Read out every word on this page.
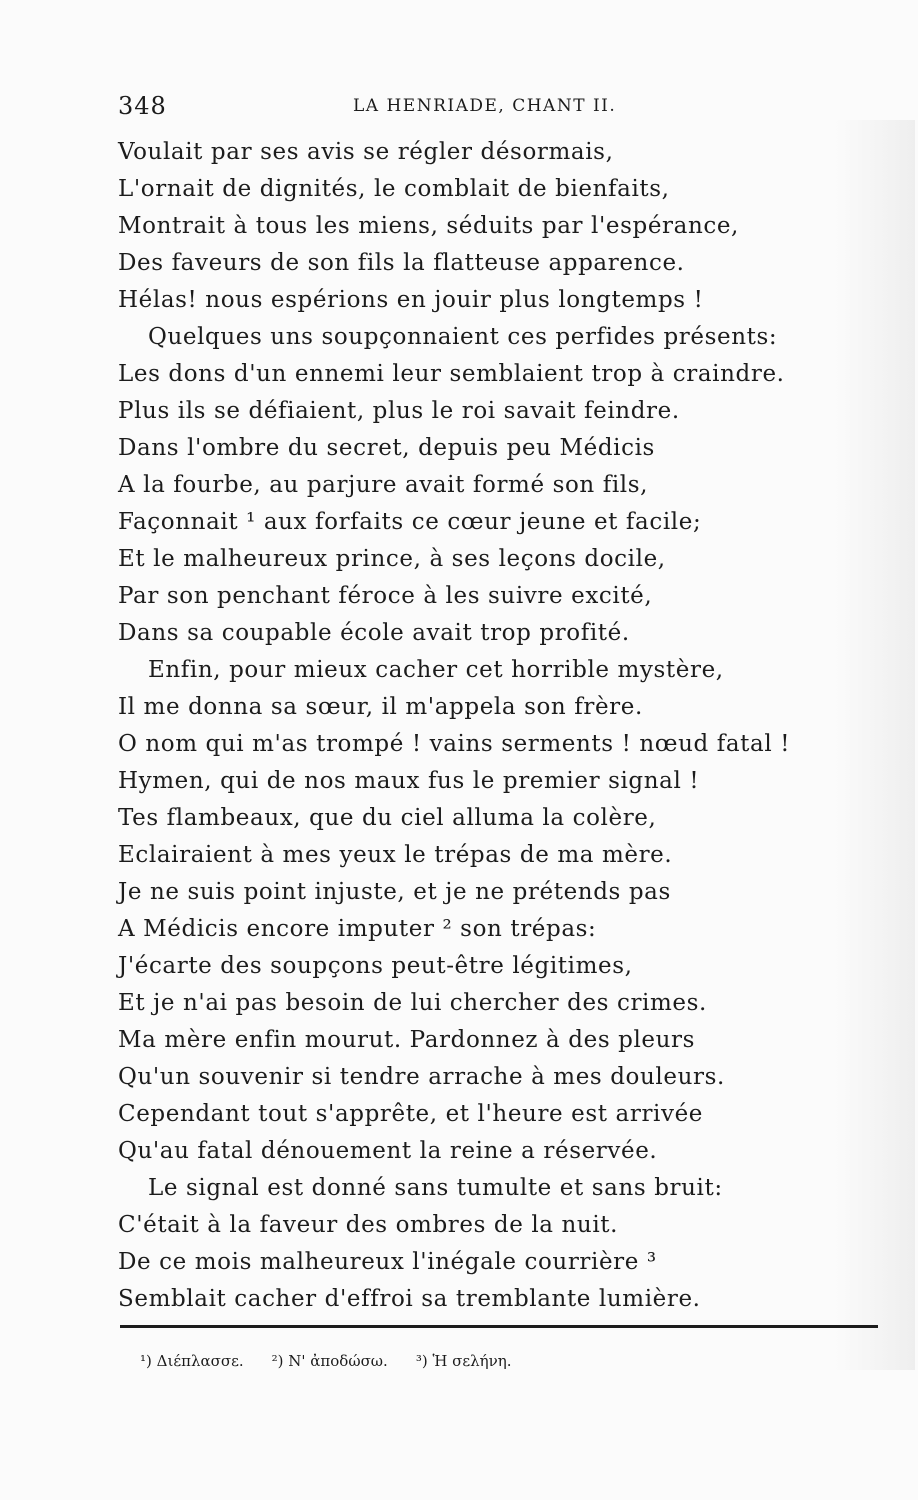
348	LA HENRIADE, CHANT II.
Voulait par ses avis se régler désormais,
L'ornait de dignités, le comblait de bienfaits,
Montrait à tous les miens, séduits par l'espérance,
Des faveurs de son fils la flatteuse apparence.
Hélas! nous espérions en jouir plus longtemps !
Quelques uns soupçonnaient ces perfides présents:
Les dons d'un ennemi leur semblaient trop à craindre.
Plus ils se défiaient, plus le roi savait feindre.
Dans l'ombre du secret, depuis peu Médicis
A la fourbe, au parjure avait formé son fils,
Façonnait ¹ aux forfaits ce cœur jeune et facile;
Et le malheureux prince, à ses leçons docile,
Par son penchant féroce à les suivre excité,
Dans sa coupable école avait trop profité.
Enfin, pour mieux cacher cet horrible mystère,
Il me donna sa sœur, il m'appela son frère.
O nom qui m'as trompé ! vains serments ! nœud fatal !
Hymen, qui de nos maux fus le premier signal !
Tes flambeaux, que du ciel alluma la colère,
Eclairaient à mes yeux le trépas de ma mère.
Je ne suis point injuste, et je ne prétends pas
A Médicis encore imputer ² son trépas:
J'écarte des soupçons peut-être légitimes,
Et je n'ai pas besoin de lui chercher des crimes.
Ma mère enfin mourut. Pardonnez à des pleurs
Qu'un souvenir si tendre arrache à mes douleurs.
Cependant tout s'apprête, et l'heure est arrivée
Qu'au fatal dénouement la reine a réservée.
Le signal est donné sans tumulte et sans bruit:
C'était à la faveur des ombres de la nuit.
De ce mois malheureux l'inégale courrière ³
Semblait cacher d'effroi sa tremblante lumière.
¹) Διέπλασσε. ²) Ν' ἀποδώσω. ³) Ἡ σελήνη.
